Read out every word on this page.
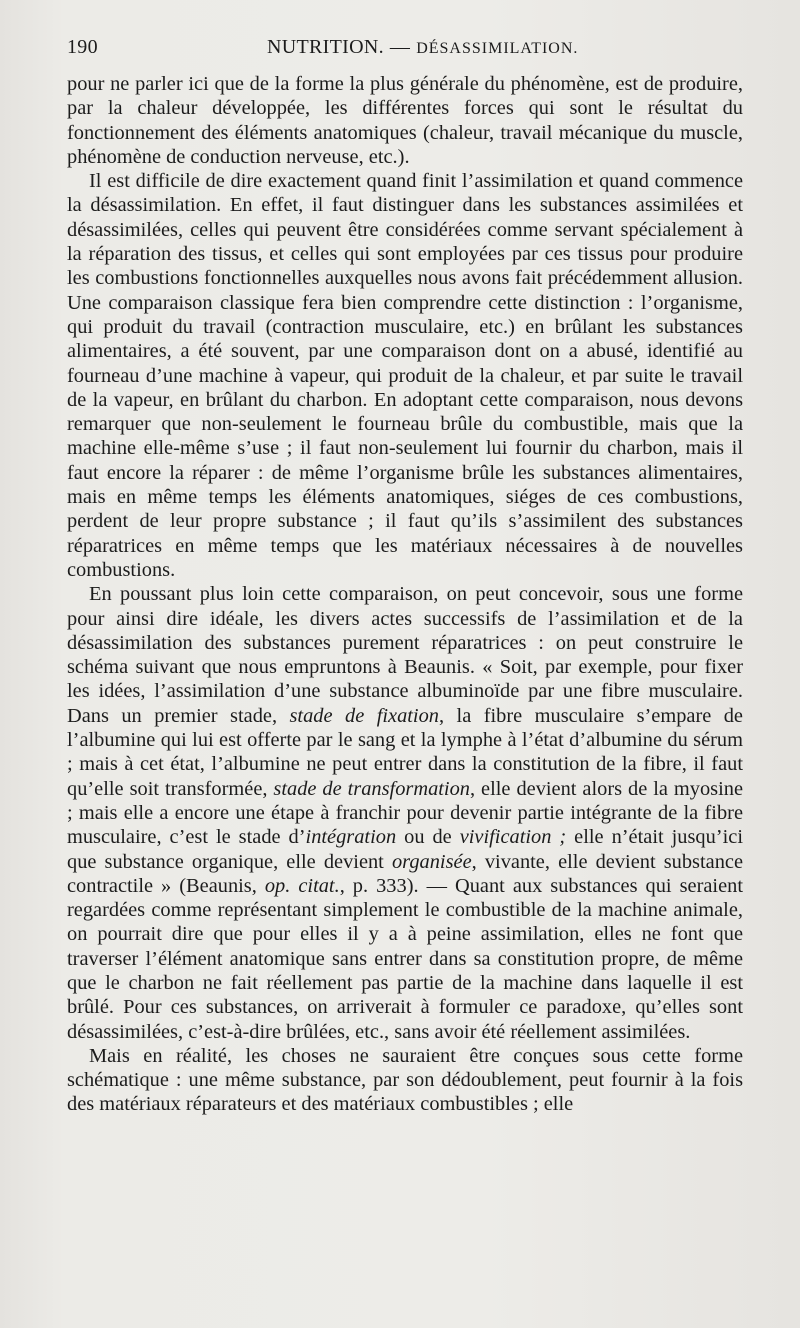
190	NUTRITION. — DÉSASSIMILATION.

pour ne parler ici que de la forme la plus générale du phénomène, est de produire, par la chaleur développée, les différentes forces qui sont le résultat du fonctionnement des éléments anatomiques (chaleur, travail mécanique du muscle, phénomène de conduction nerveuse, etc.).

Il est difficile de dire exactement quand finit l’assimilation et quand commence la désassimilation. En effet, il faut distinguer dans les substances assimilées et désassimilées, celles qui peuvent être considérées comme servant spécialement à la réparation des tissus, et celles qui sont employées par ces tissus pour produire les combustions fonctionnelles auxquelles nous avons fait précédemment allusion. Une comparaison classique fera bien comprendre cette distinction : l’organisme, qui produit du travail (contraction musculaire, etc.) en brûlant les substances alimentaires, a été souvent, par une comparaison dont on a abusé, identifié au fourneau d’une machine à vapeur, qui produit de la chaleur, et par suite le travail de la vapeur, en brûlant du charbon. En adoptant cette comparaison, nous devons remarquer que non-seulement le fourneau brûle du combustible, mais que la machine elle-même s’use ; il faut non-seulement lui fournir du charbon, mais il faut encore la réparer : de même l’organisme brûle les substances alimentaires, mais en même temps les éléments anatomiques, siéges de ces combustions, perdent de leur propre substance ; il faut qu’ils s’assimilent des substances réparatrices en même temps que les matériaux nécessaires à de nouvelles combustions.

En poussant plus loin cette comparaison, on peut concevoir, sous une forme pour ainsi dire idéale, les divers actes successifs de l’assimilation et de la désassimilation des substances purement réparatrices : on peut construire le schéma suivant que nous empruntons à Beaunis. « Soit, par exemple, pour fixer les idées, l’assimilation d’une substance albuminoïde par une fibre musculaire. Dans un premier stade, stade de fixation, la fibre musculaire s’empare de l’albumine qui lui est offerte par le sang et la lymphe à l’état d’albumine du sérum ; mais à cet état, l’albumine ne peut entrer dans la constitution de la fibre, il faut qu’elle soit transformée, stade de transformation, elle devient alors de la myosine ; mais elle a encore une étape à franchir pour devenir partie intégrante de la fibre musculaire, c’est le stade d’intégration ou de vivification ; elle n’était jusqu’ici que substance organique, elle devient organisée, vivante, elle devient substance contractile » (Beaunis, op. citat., p. 333). — Quant aux substances qui seraient regardées comme représentant simplement le combustible de la machine animale, on pourrait dire que pour elles il y a à peine assimilation, elles ne font que traverser l’élément anatomique sans entrer dans sa constitution propre, de même que le charbon ne fait réellement pas partie de la machine dans laquelle il est brûlé. Pour ces substances, on arriverait à formuler ce paradoxe, qu’elles sont désassimilées, c’est-à-dire brûlées, etc., sans avoir été réellement assimilées.

Mais en réalité, les choses ne sauraient être conçues sous cette forme schématique : une même substance, par son dédoublement, peut fournir à la fois des matériaux réparateurs et des matériaux combustibles ; elle
